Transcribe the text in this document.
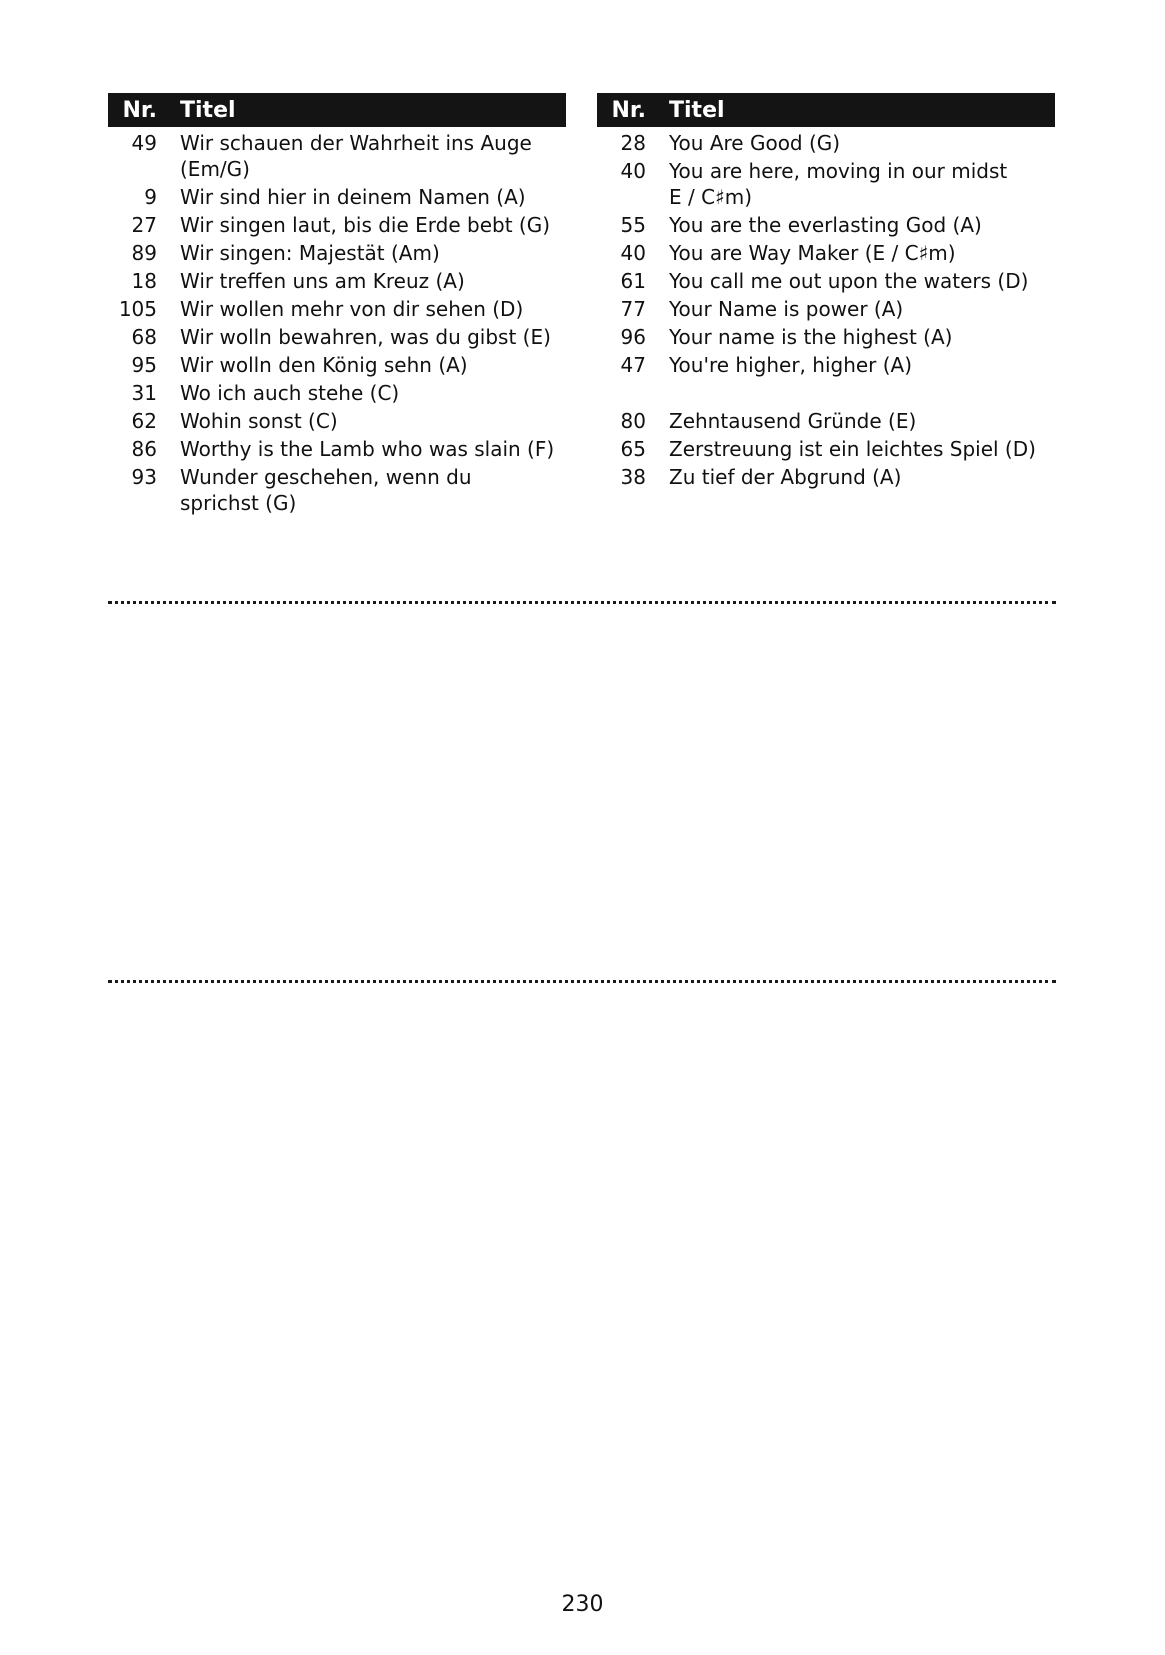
Nr. Titel
49 Wir schauen der Wahrheit ins Auge
(Em/G)
9 Wir sind hier in deinem Namen (A)
27 Wir singen laut, bis die Erde bebt (G)
89 Wir singen: Majestät (Am)
18 Wir treffen uns am Kreuz (A)
105 Wir wollen mehr von dir sehen (D)
68 Wir wolln bewahren, was du gibst (E)
95 Wir wolln den König sehn (A)
31 Wo ich auch stehe (C)
62 Wohin sonst (C)
86 Worthy is the Lamb who was slain (F)
93 Wunder geschehen, wenn du
sprichst (G)
Nr. Titel
28 You Are Good (G)
40 You are here, moving in our midst
E / C♯m)
55 You are the everlasting God (A)
40 You are Way Maker (E / C♯m)
61 You call me out upon the waters (D)
77 Your Name is power (A)
96 Your name is the highest (A)
47 You're higher, higher (A)
80 Zehntausend Gründe (E)
65 Zerstreuung ist ein leichtes Spiel (D)
38 Zu tief der Abgrund (A)
230
